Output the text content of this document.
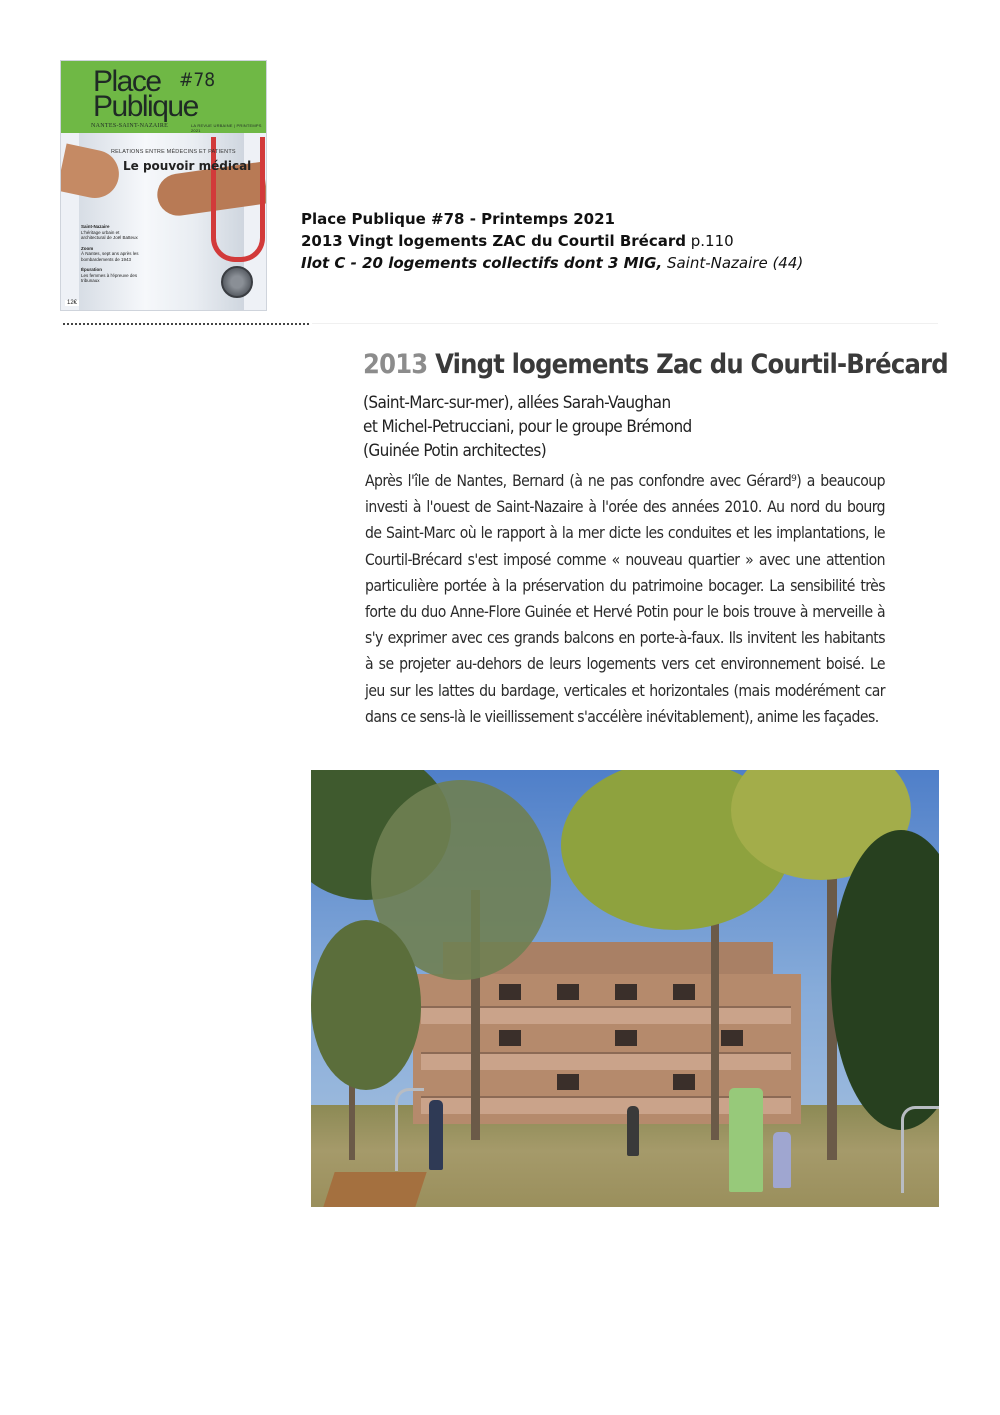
Place
Publique
#78
NANTES-SAINT-NAZAIRE	LA REVUE URBAINE | PRINTEMPS 2021
RELATIONS ENTRE MÉDECINS ET PATIENTS
Le pouvoir médical
Saint-Nazaire
L'héritage urbain et architectural de Joël Batteux
Zoom
À Nantes, sept ans après les bombardements de 1943
Épuration
Les femmes à l'épreuve des tribunaux
12€
Place Publique #78 - Printemps 2021
2013 Vingt logements ZAC du Courtil Brécard p.110
Ilot C - 20 logements collectifs dont 3 MIG, Saint-Nazaire (44)
2013 Vingt logements Zac du Courtil-Brécard
(Saint-Marc-sur-mer), allées Sarah-Vaughan
et Michel-Petrucciani, pour le groupe Brémond
(Guinée Potin architectes)

Après l'île de Nantes, Bernard (à ne pas confondre avec Gérard⁹) a beaucoup investi à l'ouest de Saint-Nazaire à l'orée des années 2010. Au nord du bourg de Saint-Marc où le rapport à la mer dicte les conduites et les implantations, le Courtil-Brécard s'est imposé comme « nouveau quartier » avec une attention particulière portée à la préservation du patrimoine bocager. La sensibilité très forte du duo Anne-Flore Guinée et Hervé Potin pour le bois trouve à merveille à s'y exprimer avec ces grands balcons en porte-à-faux. Ils invitent les habitants à se projeter au-dehors de leurs logements vers cet environnement boisé. Le jeu sur les lattes du bardage, verticales et horizontales (mais modérément car dans ce sens-là le vieillissement s'accélère inévitablement), anime les façades.
